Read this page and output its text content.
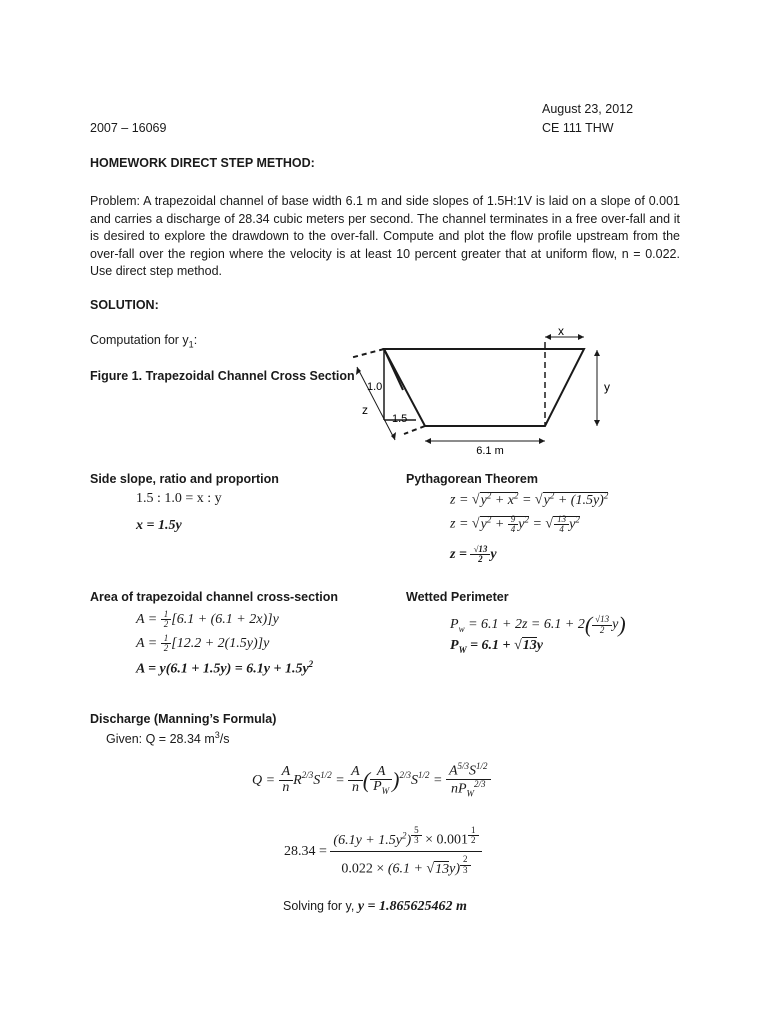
August 23, 2012
2007 – 16069	CE 111 THW
HOMEWORK DIRECT STEP METHOD:
Problem: A trapezoidal channel of base width 6.1 m and side slopes of 1.5H:1V is laid on a slope of 0.001 and carries a discharge of 28.34 cubic meters per second. The channel terminates in a free over-fall and it is desired to explore the drawdown to the over-fall. Compute and plot the flow profile upstream from the over-fall over the region where the velocity is at least 10 percent greater that at uniform flow, n = 0.022. Use direct step method.
SOLUTION:
Computation for $y_1$:
Figure 1. Trapezoidal Channel Cross Section
x
y
z
1.0
1.5
6.1 m
Side slope, ratio and proportion
1.5 : 1.0 = x : y
x = 1.5y
Pythagorean Theorem
$z = √y^2 + x^2 = √y^2 + (1.5y)^2$
$z = √y^2 + \frac{9}{4} y^2$ = √ $\frac{13}{4} y^2$
$z = \frac{√13}{2}$ y
Area of trapezoidal channel cross-section
$A = \frac{1}{2} [6.1 + (6.1 + 2x)]y$
$A = \frac{1}{2} [12.2 + 2(1.5y)]y$
$A = y(6.1 + 1.5y) = 6.1y + 1.5y^2$
Wetted Perimeter
$P_w = 6.1 + 2z = 6.1 + 2( \frac{√13}{2} y)$
$P_W = 6.1 + √13y$
Discharge (Manning’s Formula)
Given: Q = 28.34 $m^3/s$
$Q = \frac{A}{n} R^{2/3}S^{1/2} = \frac{A}{n}$ ( $\frac{A}{P_W} )^{2/3}S^{1/2} = \frac{A^{5/3}S^{1/2}}{nP_W^{2/3}}$
$28.34 = (6.1y + 1.5y^2)$ $^{\frac{5}{3}}$ × 0.001 $^{\frac{1}{2}}$
0.022 × (6.1 + √13y) $^{\frac{2}{3}}$
Solving for y, y = 1.865625462 m
